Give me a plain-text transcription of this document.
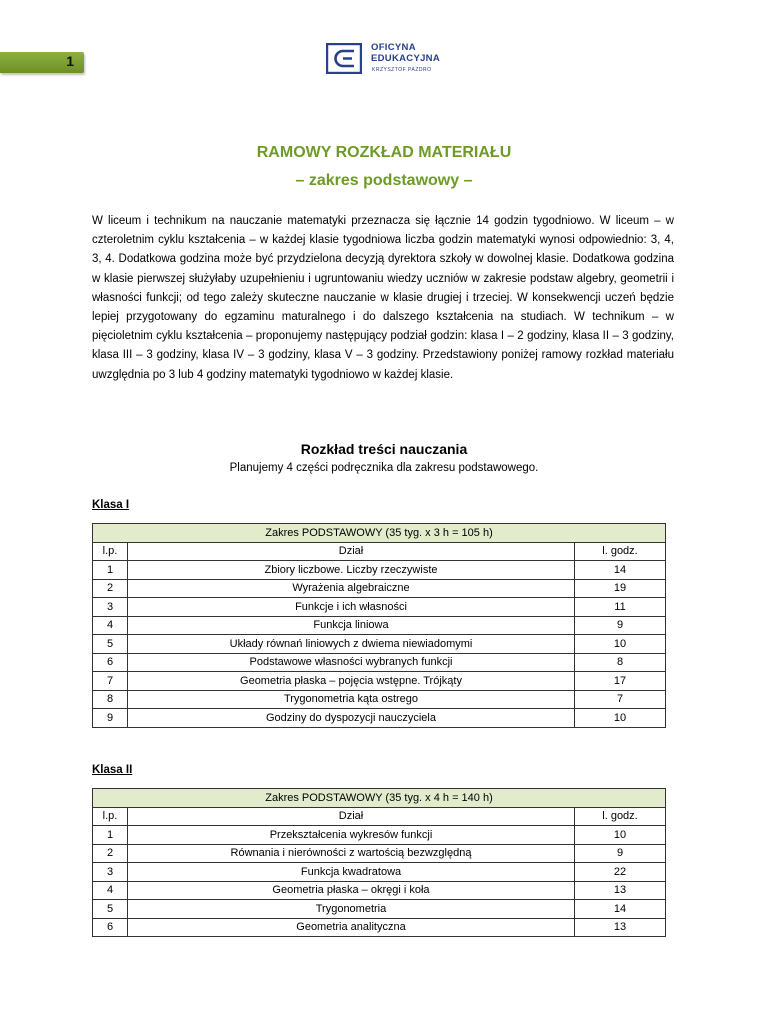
1
OFICYNA
EDUKACYJNA
KRZYSZTOF PAZDRO
RAMOWY ROZKŁAD MATERIAŁU
– zakres podstawowy –

W liceum i technikum na nauczanie matematyki przeznacza się łącznie 14 godzin tygodniowo. W liceum – w czteroletnim cyklu kształcenia – w każdej klasie tygodniowa liczba godzin matematyki wynosi odpowiednio: 3, 4, 3, 4. Dodatkowa godzina może być przydzielona decyzją dyrektora szkoły w dowolnej klasie. Dodatkowa godzina w klasie pierwszej służyłaby uzupełnieniu i ugruntowaniu wiedzy uczniów w zakresie podstaw algebry, geometrii i własności funkcji; od tego zależy skuteczne nauczanie w klasie drugiej i trzeciej. W konsekwencji uczeń będzie lepiej przygotowany do egzaminu maturalnego i do dalszego kształcenia na studiach. W technikum – w pięcioletnim cyklu kształcenia – proponujemy następujący podział godzin: klasa I – 2 godziny, klasa II – 3 godziny, klasa III – 3 godziny, klasa IV – 3 godziny, klasa V – 3 godziny. Przedstawiony poniżej ramowy rozkład materiału uwzględnia po 3 lub 4 godziny matematyki tygodniowo w każdej klasie.

Rozkład treści nauczania
Planujemy 4 części podręcznika dla zakresu podstawowego.
Klasa I
Zakres PODSTAWOWY (35 tyg. x 3 h = 105 h)		
l.p.	Dział	l. godz.
1	Zbiory liczbowe. Liczby rzeczywiste	14
2	Wyrażenia algebraiczne	19
3	Funkcje i ich własności	11
4	Funkcja liniowa	9
5	Układy równań liniowych z dwiema niewiadomymi	10
6	Podstawowe własności wybranych funkcji	8
7	Geometria płaska – pojęcia wstępne. Trójkąty	17
8	Trygonometria kąta ostrego	7
9	Godziny do dyspozycji nauczyciela	10
Klasa II
Zakres PODSTAWOWY (35 tyg. x 4 h = 140 h)		
l.p.	Dział	l. godz.
1	Przekształcenia wykresów funkcji	10
2	Równania i nierówności z wartością bezwzględną	9
3	Funkcja kwadratowa	22
4	Geometria płaska – okręgi i koła	13
5	Trygonometria	14
6	Geometria analityczna	13
